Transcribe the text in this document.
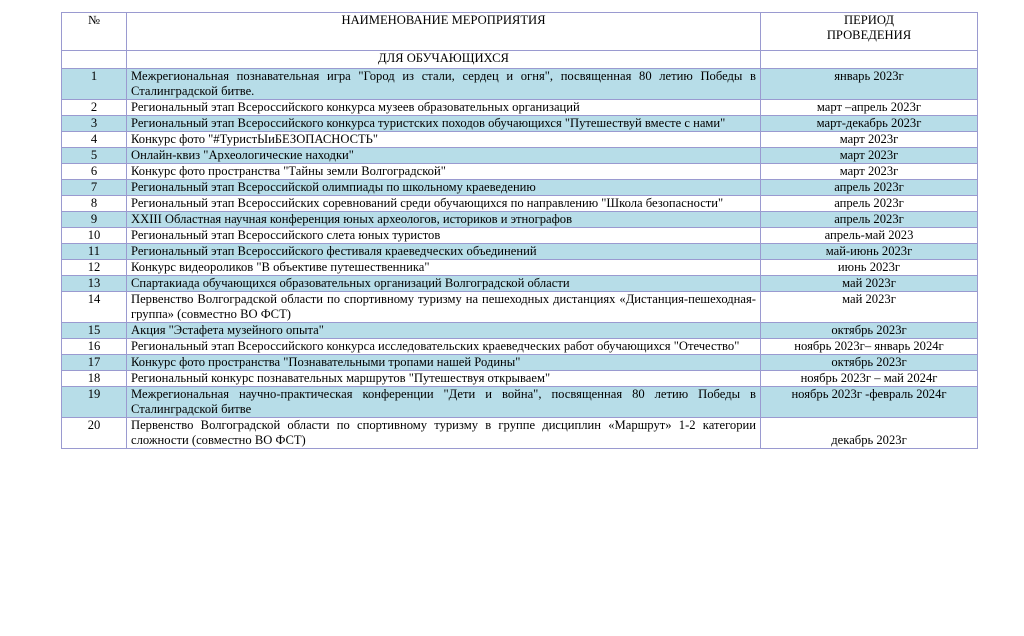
№	НАИМЕНОВАНИЕ МЕРОПРИЯТИЯ	ПЕРИОД
ПРОВЕДЕНИЯ

	ДЛЯ ОБУЧАЮЩИХСЯ	
1	Межрегиональная познавательная игра "Город из стали, сердец и огня", посвященная 80 летию Победы в Сталинградской битве.	январь 2023г
2	Региональный этап Всероссийского конкурса музеев образовательных организаций	март –апрель 2023г
3	Региональный этап Всероссийского конкурса туристских походов обучающихся "Путешествуй вместе с нами"	март-декабрь 2023г
4	Конкурс фото "#ТуристЫиБЕЗОПАСНОСТЬ"	март 2023г
5	Онлайн-квиз "Археологические находки"	март 2023г
6	Конкурс фото пространства "Тайны земли Волгоградской"	март 2023г
7	Региональный этап Всероссийской олимпиады по школьному краеведению	апрель 2023г
8	Региональный этап Всероссийских соревнований среди обучающихся по направлению "Школа безопасности"	апрель 2023г
9	XXIII Областная научная конференция юных археологов, историков и этнографов	апрель 2023г
10	Региональный этап Всероссийского слета юных туристов	апрель-май 2023
11	Региональный этап Всероссийского фестиваля краеведческих объединений	май-июнь 2023г
12	Конкурс видеороликов "В объективе путешественника"	июнь 2023г
13	Спартакиада обучающихся образовательных организаций Волгоградской области	май 2023г
14	Первенство Волгоградской области по спортивному туризму на пешеходных дистанциях «Дистанция-пешеходная-группа» (совместно ВО ФСТ)	май 2023г
15	Акция "Эстафета музейного опыта"	октябрь 2023г
16	Региональный этап Всероссийского конкурса исследовательских краеведческих работ обучающихся "Отечество"	ноябрь 2023г– январь 2024г
17	Конкурс фото пространства "Познавательными тропами нашей Родины"	октябрь 2023г
18	Региональный конкурс познавательных маршрутов "Путешествуя открываем"	ноябрь 2023г – май 2024г
19	Межрегиональная научно-практическая конференции "Дети и война", посвященная 80 летию Победы в Сталинградской битве	ноябрь 2023г -февраль 2024г
20	Первенство Волгоградской области по спортивному туризму в группе дисциплин «Маршрут» 1-2 категории сложности (совместно ВО ФСТ)	декабрь 2023г
